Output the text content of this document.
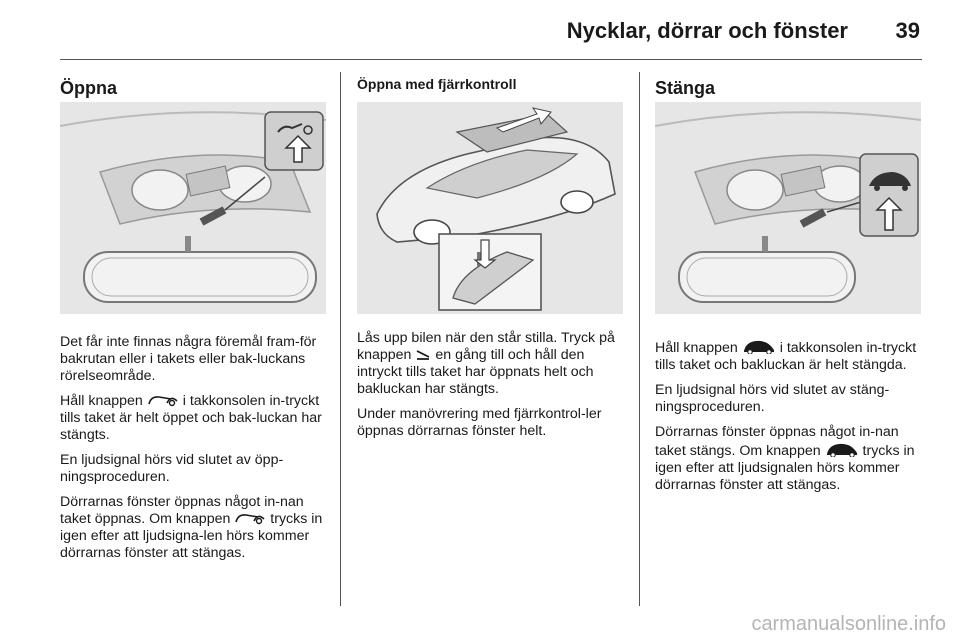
Nycklar, dörrar och fönster 39
Öppna

Det får inte finnas några föremål fram-för bakrutan eller i takets eller bak-luckans rörelseområde.

Håll knappen	i takkonsolen in-tryckt tills taket är helt öppet och bak-luckan har stängts.

En ljudsignal hörs vid slutet av öpp-ningsproceduren.

Dörrarnas fönster öppnas något in-nan taket öppnas. Om knappen	trycks in igen efter att ljudsigna-len hörs kommer dörrarnas fönster att stängas.

Öppna med fjärrkontroll

Lås upp bilen när den står stilla. Tryck på knappen en gång till och håll den intryckt tills taket har öppnats helt och bakluckan har stängts.

Under manövrering med fjärrkontrol-ler öppnas dörrarnas fönster helt.

Stänga

Håll knappen	i takkonsolen in-tryckt tills taket och bakluckan är helt stängda.

En ljudsignal hörs vid slutet av stäng-ningsproceduren.

Dörrarnas fönster öppnas något in-nan taket stängs. Om knappen	trycks in igen efter att ljudsignalen hörs kommer dörrarnas fönster att stängas.

carmanualsonline.info
